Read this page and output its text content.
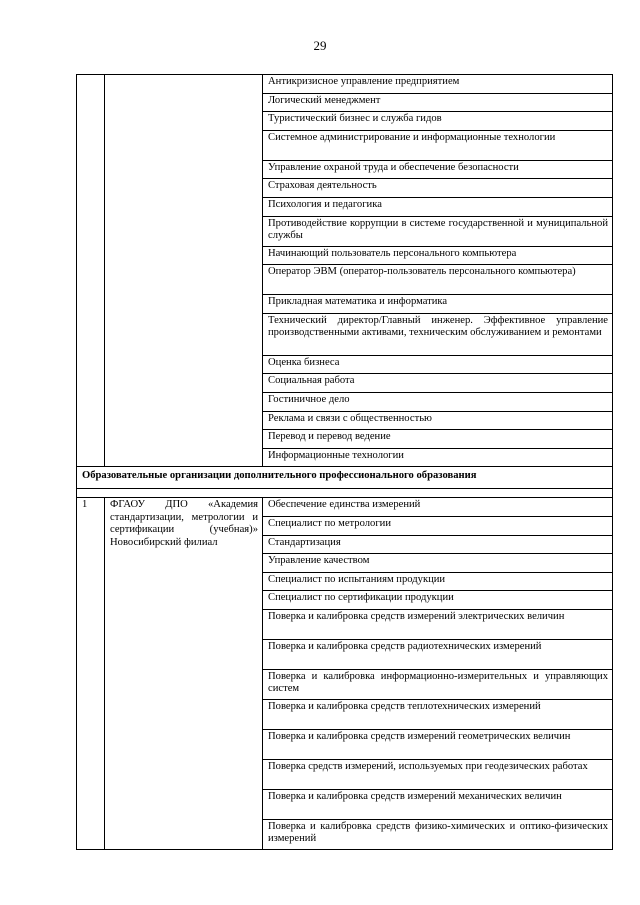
29
		Антикризисное управление предприятием
		Логический менеджмент
		Туристический бизнес и служба гидов
		Системное администрирование и информационные технологии
		Управление охраной труда и обеспечение безопасности
		Страховая деятельность
		Психология и педагогика
		Противодействие коррупции в системе государственной и муниципальной службы
		Начинающий пользователь персонального компьютера
		Оператор ЭВМ (оператор-пользователь персонального компьютера)
		Прикладная математика и информатика
		Технический директор/Главный инженер. Эффективное управление производственными активами, техническим обслуживанием и ремонтами
		Оценка бизнеса
		Социальная работа
		Гостиничное дело
		Реклама и связи с общественностью
		Перевод и перевод ведение
		Информационные технологии
Образовательные организации дополнительного профессионального образования		

1	ФГАОУ ДПО «Академия стандартизации, метрологии и сертификации (учебная)» Новосибирский филиал	Обеспечение единства измерений
		Специалист по метрологии
		Стандартизация
		Управление качеством
		Специалист по испытаниям продукции
		Специалист по сертификации продукции
		Поверка и калибровка средств измерений электрических величин
		Поверка и калибровка средств радиотехнических измерений
		Поверка и калибровка информационно-измерительных и управляющих систем
		Поверка и калибровка средств теплотехнических измерений
		Поверка и калибровка средств измерений геометрических величин
		Поверка средств измерений, используемых при геодезических работах
		Поверка и калибровка средств измерений механических величин
		Поверка и калибровка средств физико-химических и оптико-физических измерений
